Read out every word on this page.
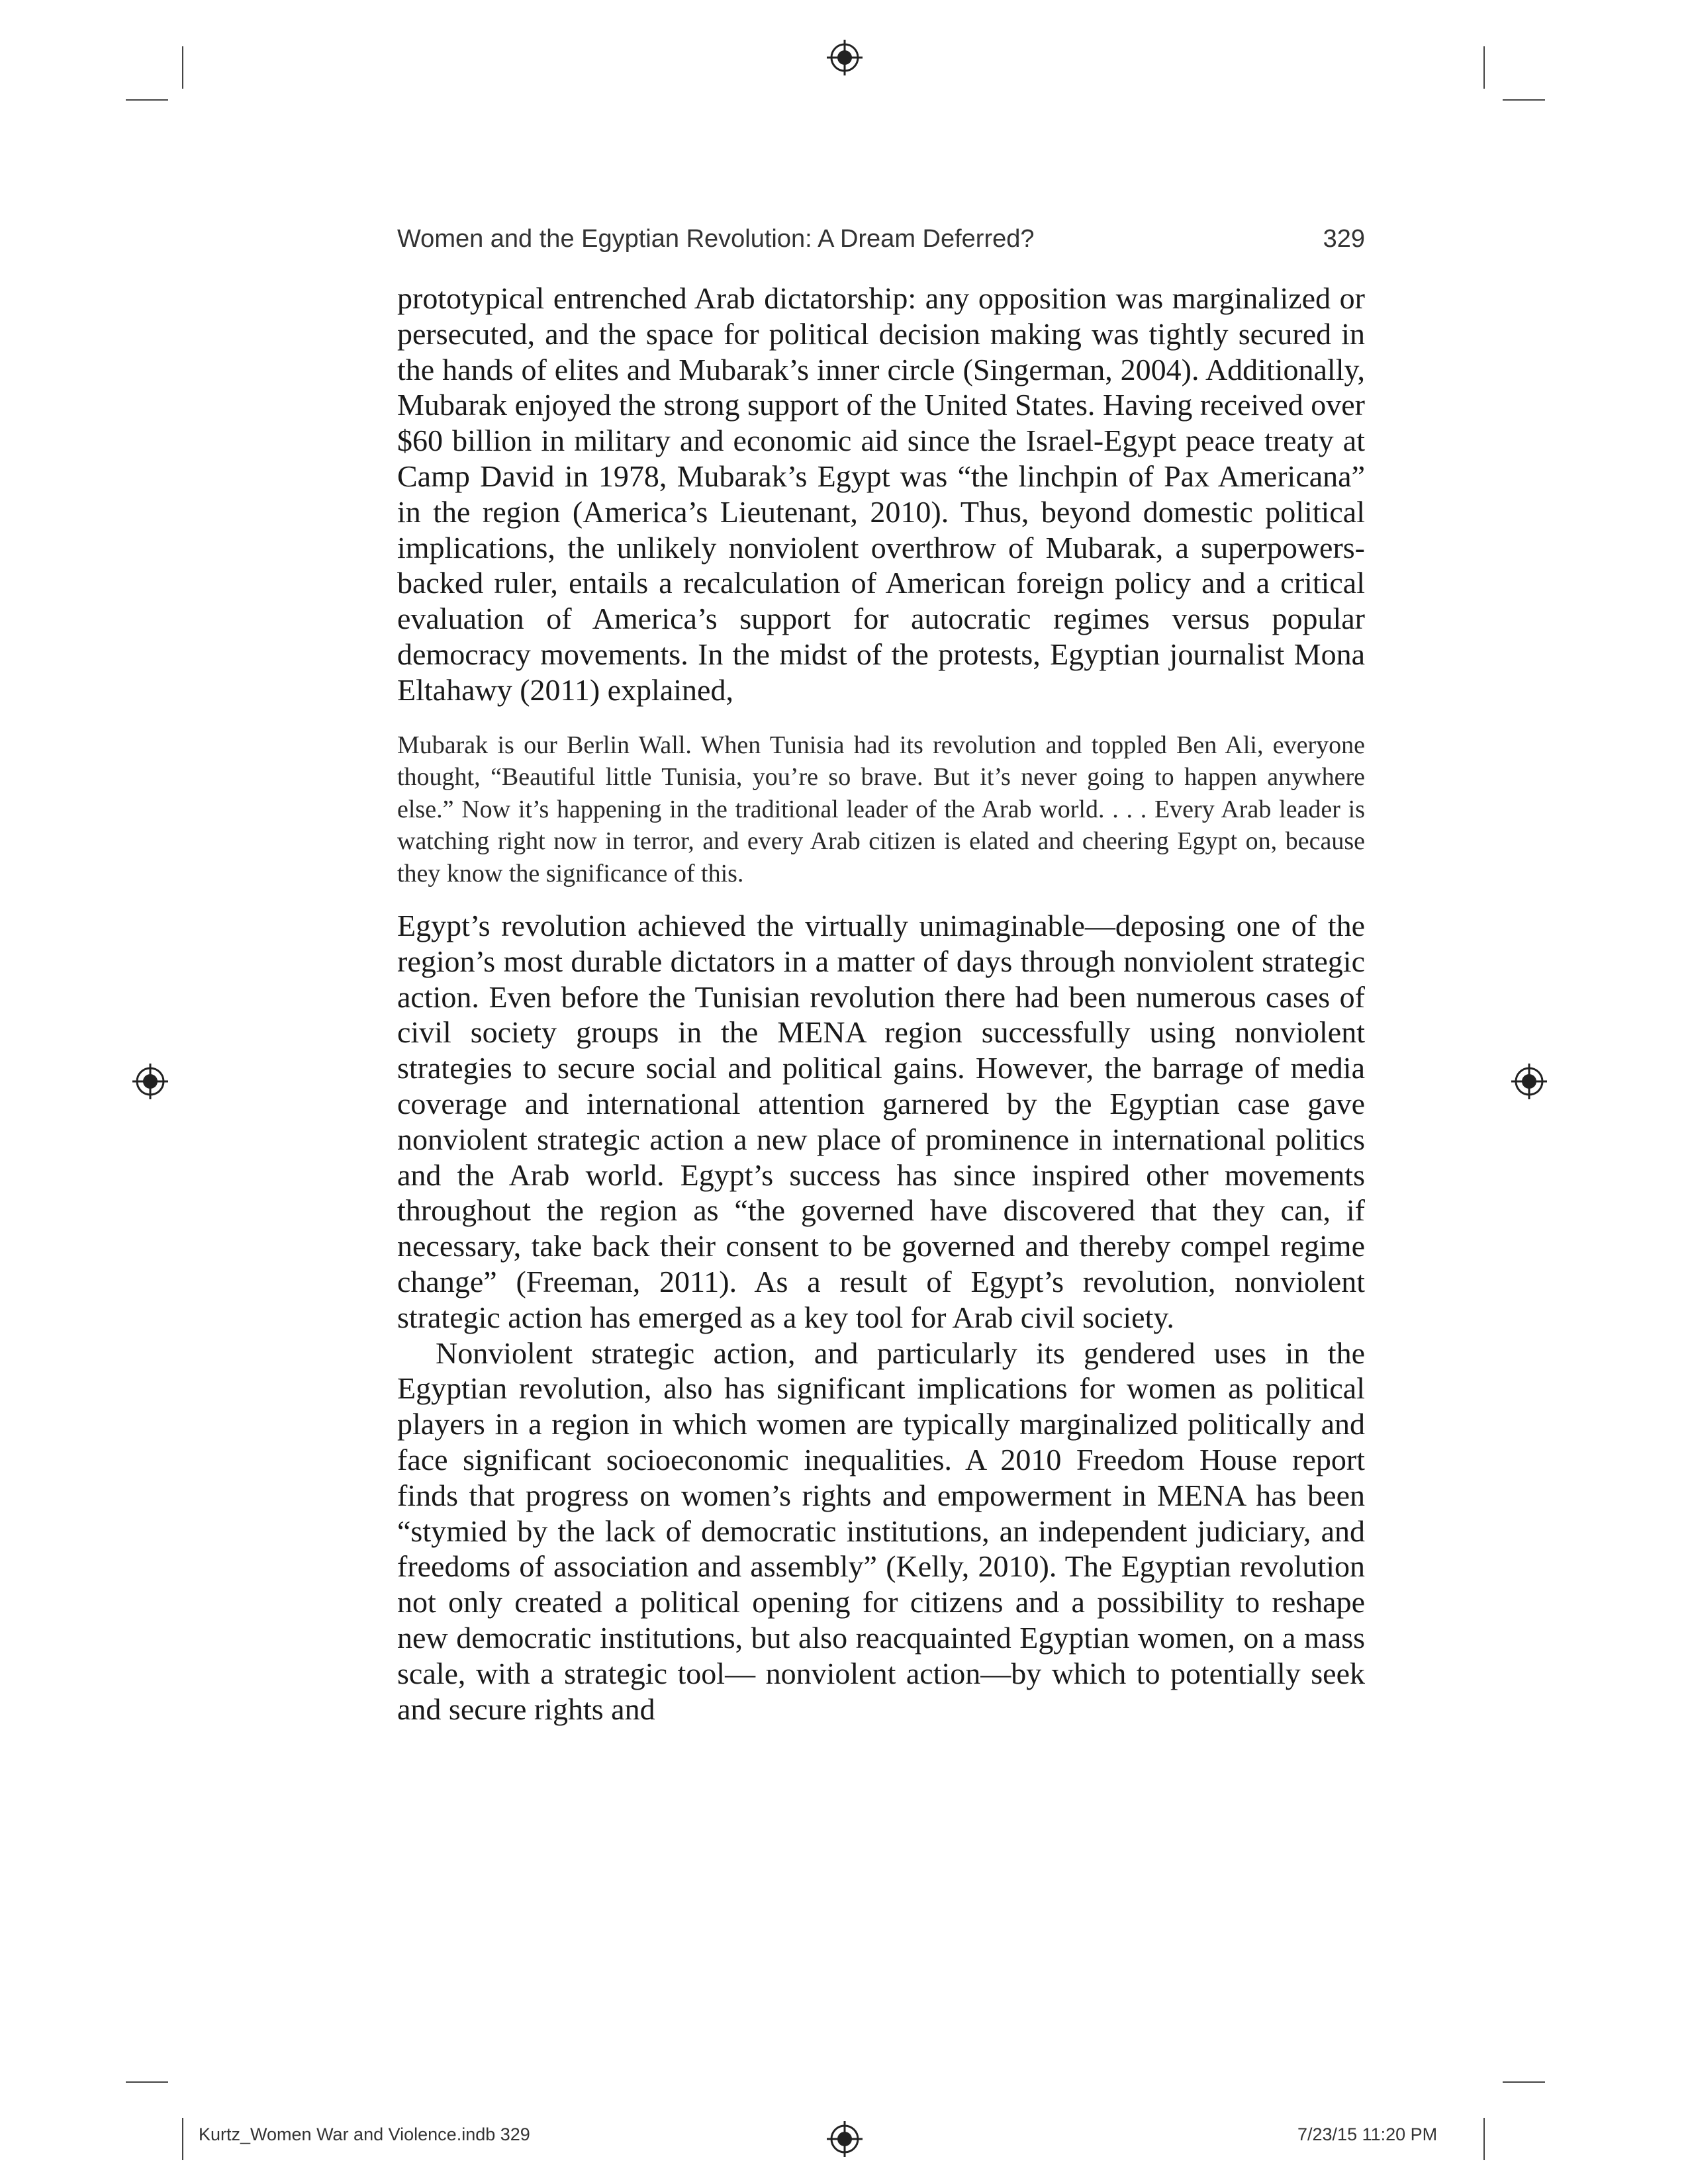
Women and the Egyptian Revolution: A Dream Deferred?	329

prototypical entrenched Arab dictatorship: any opposition was marginalized or persecuted, and the space for political decision making was tightly secured in the hands of elites and Mubarak’s inner circle (Singerman, 2004). Additionally, Mubarak enjoyed the strong support of the United States. Having received over $60 billion in military and economic aid since the Israel-Egypt peace treaty at Camp David in 1978, Mubarak’s Egypt was “the linchpin of Pax Americana” in the region (America’s Lieutenant, 2010). Thus, beyond domestic political implications, the unlikely nonviolent overthrow of Mubarak, a superpowers-backed ruler, entails a recalculation of American foreign policy and a critical evaluation of America’s support for autocratic regimes versus popular democracy movements. In the midst of the protests, Egyptian journalist Mona Eltahawy (2011) explained,

Mubarak is our Berlin Wall. When Tunisia had its revolution and toppled Ben Ali, everyone thought, “Beautiful little Tunisia, you’re so brave. But it’s never going to happen anywhere else.” Now it’s happening in the traditional leader of the Arab world. . . . Every Arab leader is watching right now in terror, and every Arab citizen is elated and cheering Egypt on, because they know the significance of this.

Egypt’s revolution achieved the virtually unimaginable—deposing one of the region’s most durable dictators in a matter of days through nonviolent strategic action. Even before the Tunisian revolution there had been numerous cases of civil society groups in the MENA region successfully using nonviolent strategies to secure social and political gains. However, the barrage of media coverage and international attention garnered by the Egyptian case gave nonviolent strategic action a new place of prominence in international politics and the Arab world. Egypt’s success has since inspired other movements throughout the region as “the governed have discovered that they can, if necessary, take back their consent to be governed and thereby compel regime change” (Freeman, 2011). As a result of Egypt’s revolution, nonviolent strategic action has emerged as a key tool for Arab civil society.

Nonviolent strategic action, and particularly its gendered uses in the Egyptian revolution, also has significant implications for women as political players in a region in which women are typically marginalized politically and face significant socioeconomic inequalities. A 2010 Freedom House report finds that progress on women’s rights and empowerment in MENA has been “stymied by the lack of democratic institutions, an independent judiciary, and freedoms of association and assembly” (Kelly, 2010). The Egyptian revolution not only created a political opening for citizens and a possibility to reshape new democratic institutions, but also reacquainted Egyptian women, on a mass scale, with a strategic tool— nonviolent action—by which to potentially seek and secure rights and

Kurtz_Women War and Violence.indb 329	7/23/15 11:20 PM
